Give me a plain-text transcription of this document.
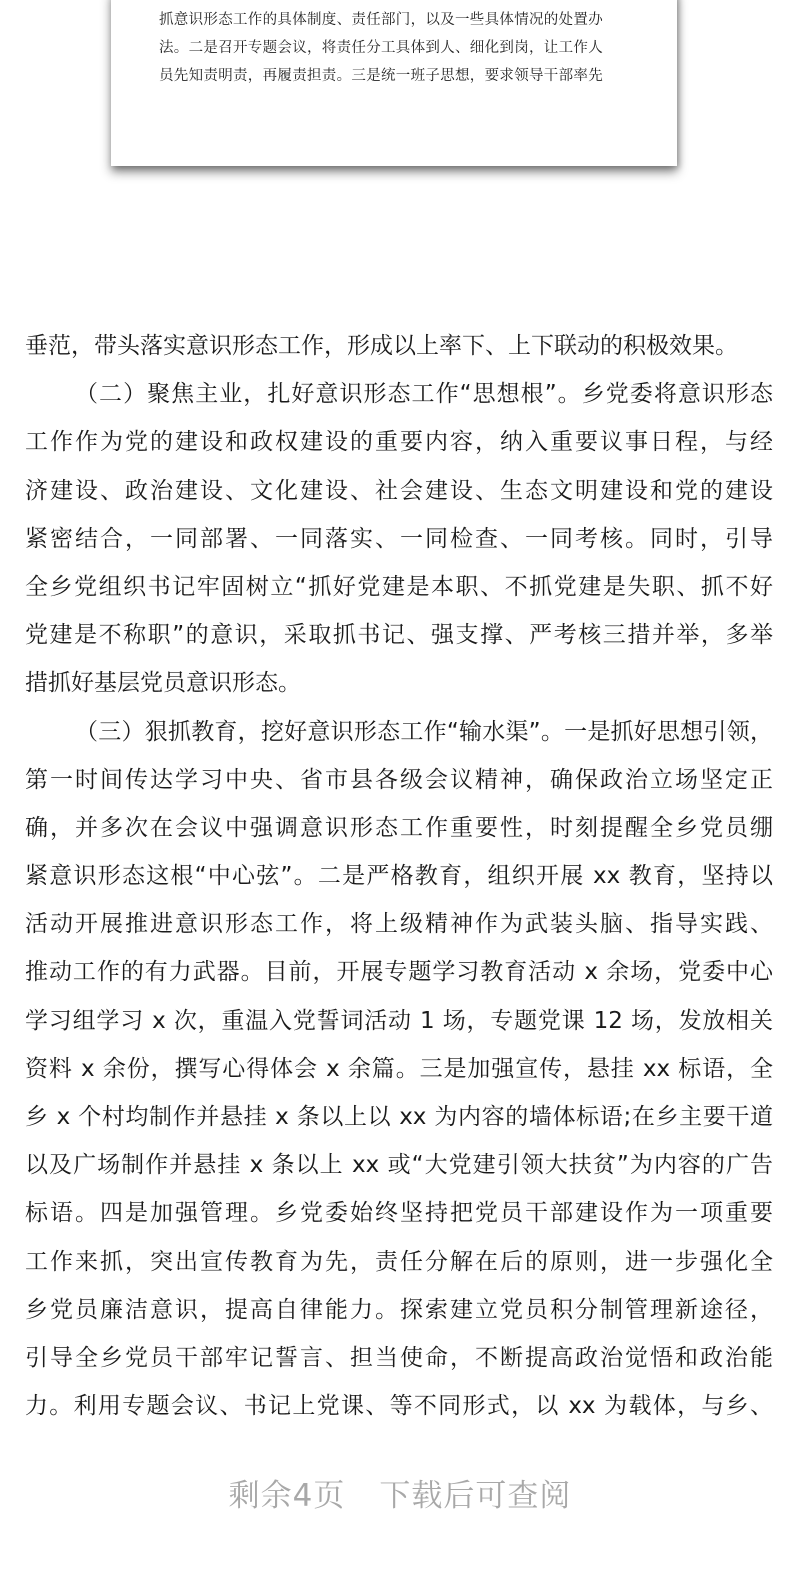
抓意识形态工作的具体制度、责任部门，以及一些具体情况的处置办
法。二是召开专题会议，将责任分工具体到人、细化到岗，让工作人
员先知责明责，再履责担责。三是统一班子思想，要求领导干部率先
垂范，带头落实意识形态工作，形成以上率下、上下联动的积极效果。
（二）聚焦主业，扎好意识形态工作“思想根”。乡党委将意识形态
工作作为党的建设和政权建设的重要内容，纳入重要议事日程，与经
济建设、政治建设、文化建设、社会建设、生态文明建设和党的建设
紧密结合，一同部署、一同落实、一同检查、一同考核。同时，引导
全乡党组织书记牢固树立“抓好党建是本职、不抓党建是失职、抓不好
党建是不称职”的意识，采取抓书记、强支撑、严考核三措并举，多举
措抓好基层党员意识形态。
（三）狠抓教育，挖好意识形态工作“输水渠”。一是抓好思想引领，
第一时间传达学习中央、省市县各级会议精神，确保政治立场坚定正
确，并多次在会议中强调意识形态工作重要性，时刻提醒全乡党员绷
紧意识形态这根“中心弦”。二是严格教育，组织开展 xx 教育，坚持以
活动开展推进意识形态工作，将上级精神作为武装头脑、指导实践、
推动工作的有力武器。目前，开展专题学习教育活动 x 余场，党委中心
学习组学习 x 次，重温入党誓词活动 1 场，专题党课 12 场，发放相关
资料 x 余份，撰写心得体会 x 余篇。三是加强宣传，悬挂 xx 标语，全
乡 x 个村均制作并悬挂 x 条以上以 xx 为内容的墙体标语;在乡主要干道
以及广场制作并悬挂 x 条以上 xx 或“大党建引领大扶贫”为内容的广告
标语。四是加强管理。乡党委始终坚持把党员干部建设作为一项重要
工作来抓，突出宣传教育为先，责任分解在后的原则，进一步强化全
乡党员廉洁意识，提高自律能力。探索建立党员积分制管理新途径，
引导全乡党员干部牢记誓言、担当使命，不断提高政治觉悟和政治能
力。利用专题会议、书记上党课、等不同形式，以 xx 为载体，与乡、
剩余4页 下载后可查阅
